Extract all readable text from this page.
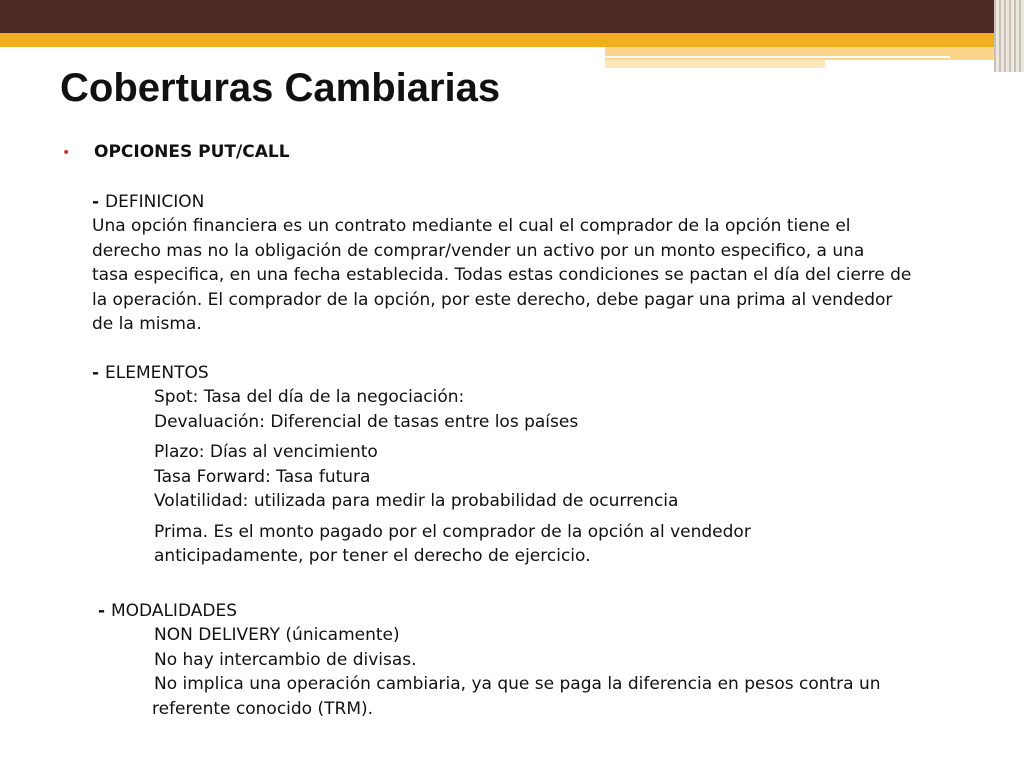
Coberturas Cambiarias
•	OPCIONES PUT/CALL
- DEFINICION
Una opción financiera es un contrato mediante el cual el comprador de la opción tiene el
derecho mas no la obligación de comprar/vender un activo por un monto especifico, a una
tasa especifica, en una fecha establecida. Todas estas condiciones se pactan el día del cierre de
la operación. El comprador de la opción, por este derecho, debe pagar una prima al vendedor
de la misma.
- ELEMENTOS
Spot: Tasa del día de la negociación:
Devaluación: Diferencial de tasas entre los países
Plazo: Días al vencimiento
Tasa Forward: Tasa futura
Volatilidad: utilizada para medir la probabilidad de ocurrencia
Prima. Es el monto pagado por el comprador de la opción al vendedor
anticipadamente, por tener el derecho de ejercicio.
- MODALIDADES
NON DELIVERY (únicamente)
No hay intercambio de divisas.
No implica una operación cambiaria, ya que se paga la diferencia en pesos contra un
referente conocido (TRM).
